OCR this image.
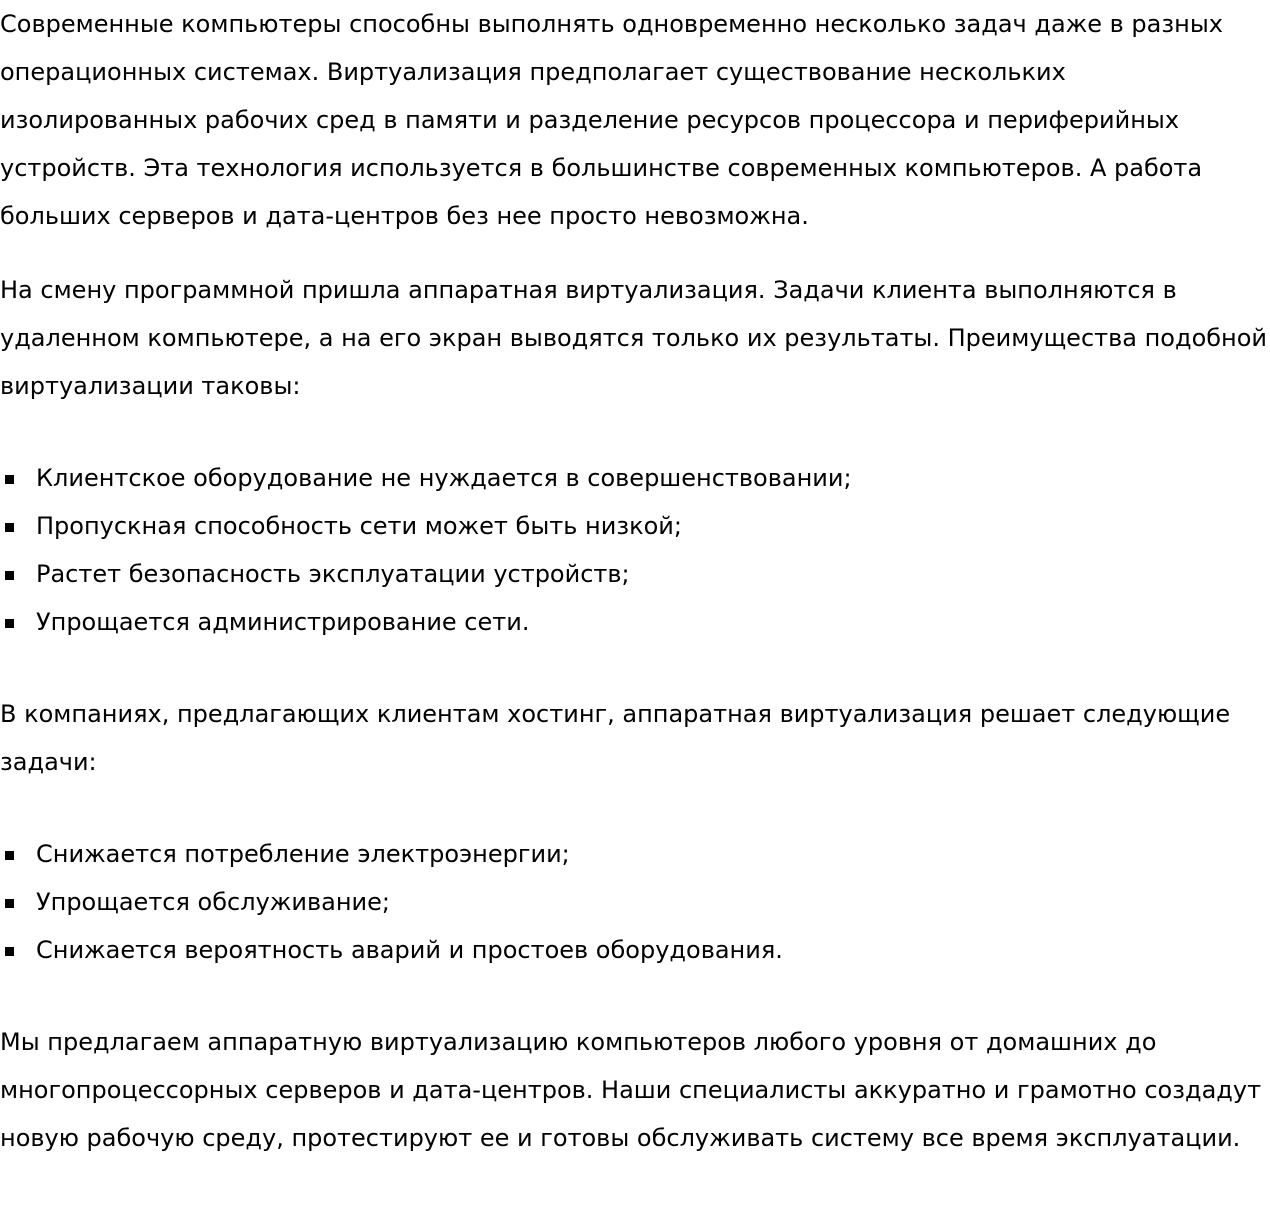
Современные компьютеры способны выполнять одновременно несколько задач даже в разных операционных системах. Виртуализация предполагает существование нескольких изолированных рабочих сред в памяти и разделение ресурсов процессора и периферийных устройств. Эта технология используется в большинстве современных компьютеров. А работа больших серверов и дата-центров без нее просто невозможна.

На смену программной пришла аппаратная виртуализация. Задачи клиента выполняются в удаленном компьютере, а на его экран выводятся только их результаты. Преимущества подобной виртуализации таковы:

Клиентское оборудование не нуждается в совершенствовании;
Пропускная способность сети может быть низкой;
Растет безопасность эксплуатации устройств;
Упрощается администрирование сети.

В компаниях, предлагающих клиентам хостинг, аппаратная виртуализация решает следующие задачи:

Снижается потребление электроэнергии;
Упрощается обслуживание;
Снижается вероятность аварий и простоев оборудования.

Мы предлагаем аппаратную виртуализацию компьютеров любого уровня от домашних до многопроцессорных серверов и дата-центров. Наши специалисты аккуратно и грамотно создадут новую рабочую среду, протестируют ее и готовы обслуживать систему все время эксплуатации.
